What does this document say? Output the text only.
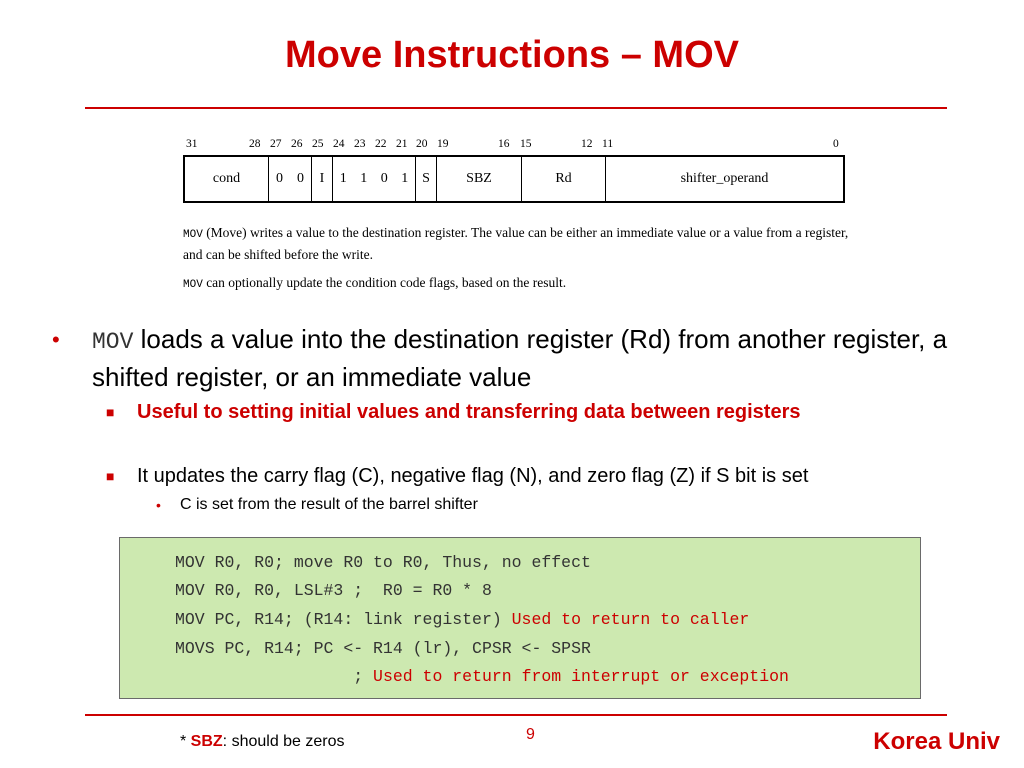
Move Instructions – MOV
31	28 27 26 25 24 23 22 21 20 19	16 15	12 11	0
cond	0	0	I	1 1 0 1 S	SBZ	Rd	shifter_operand
MOV (Move) writes a value to the destination register. The value can be either an immediate value or a value from a register, and can be shifted before the write.
MOV can optionally update the condition code flags, based on the result.
• MOV loads a value into the destination register (Rd) from another register, a shifted register, or an immediate value
■ Useful to setting initial values and transferring data between registers
■ It updates the carry flag (C), negative flag (N), and zero flag (Z) if S bit is set
• C is set from the result of the barrel shifter
MOV R0, R0; move R0 to R0, Thus, no effect
MOV R0, R0, LSL#3 ;  R0 = R0 * 8
MOV PC, R14; (R14: link register) Used to return to caller
MOVS PC, R14; PC <- R14 (lr), CPSR <- SPSR
; Used to return from interrupt or exception
* SBZ: should be zeros	9	Korea Univ
